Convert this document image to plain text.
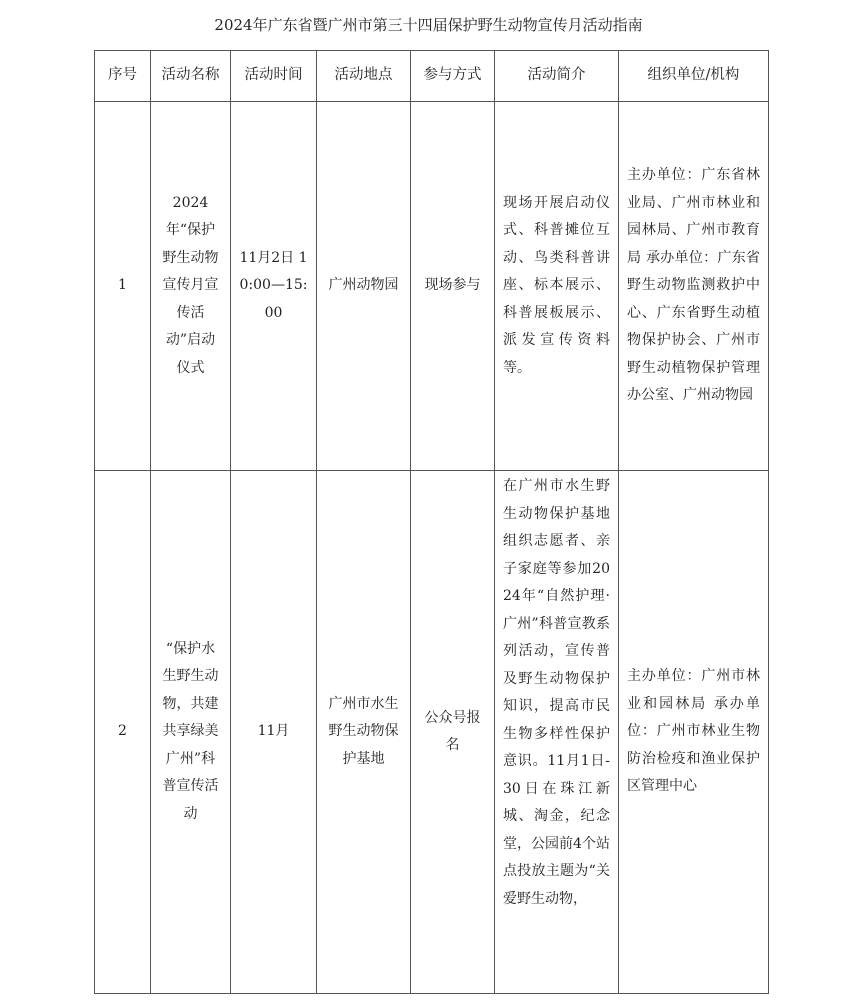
2024年广东省暨广州市第三十四届保护野生动物宣传月活动指南
序号	活动名称	活动时间	活动地点	参与方式	活动简介	组织单位/机构
1	2024年“保护野生动物宣传月宣传活动”启动仪式	11月2日 10:00—15:00	广州动物园	现场参与	现场开展启动仪式、科普摊位互动、鸟类科普讲座、标本展示、科普展板展示、派发宣传资料等。	主办单位：广东省林业局、广州市林业和园林局、广州市教育局 承办单位：广东省野生动物监测救护中心、广东省野生动植物保护协会、广州市野生动植物保护管理办公室、广州动物园
2	“保护水生野生动物，共建共享绿美广州”科普宣传活动	11月	广州市水生野生动物保护基地	公众号报名	在广州市水生野生动物保护基地组织志愿者、亲子家庭等参加2024年“自然护理·广州”科普宣教系列活动，宣传普及野生动物保护知识，提高市民生物多样性保护意识。11月1日-30日在珠江新城、淘金，纪念堂，公园前4个站点投放主题为“关爱野生动物，	主办单位：广州市林业和园林局 承办单位：广州市林业生物防治检疫和渔业保护区管理中心
